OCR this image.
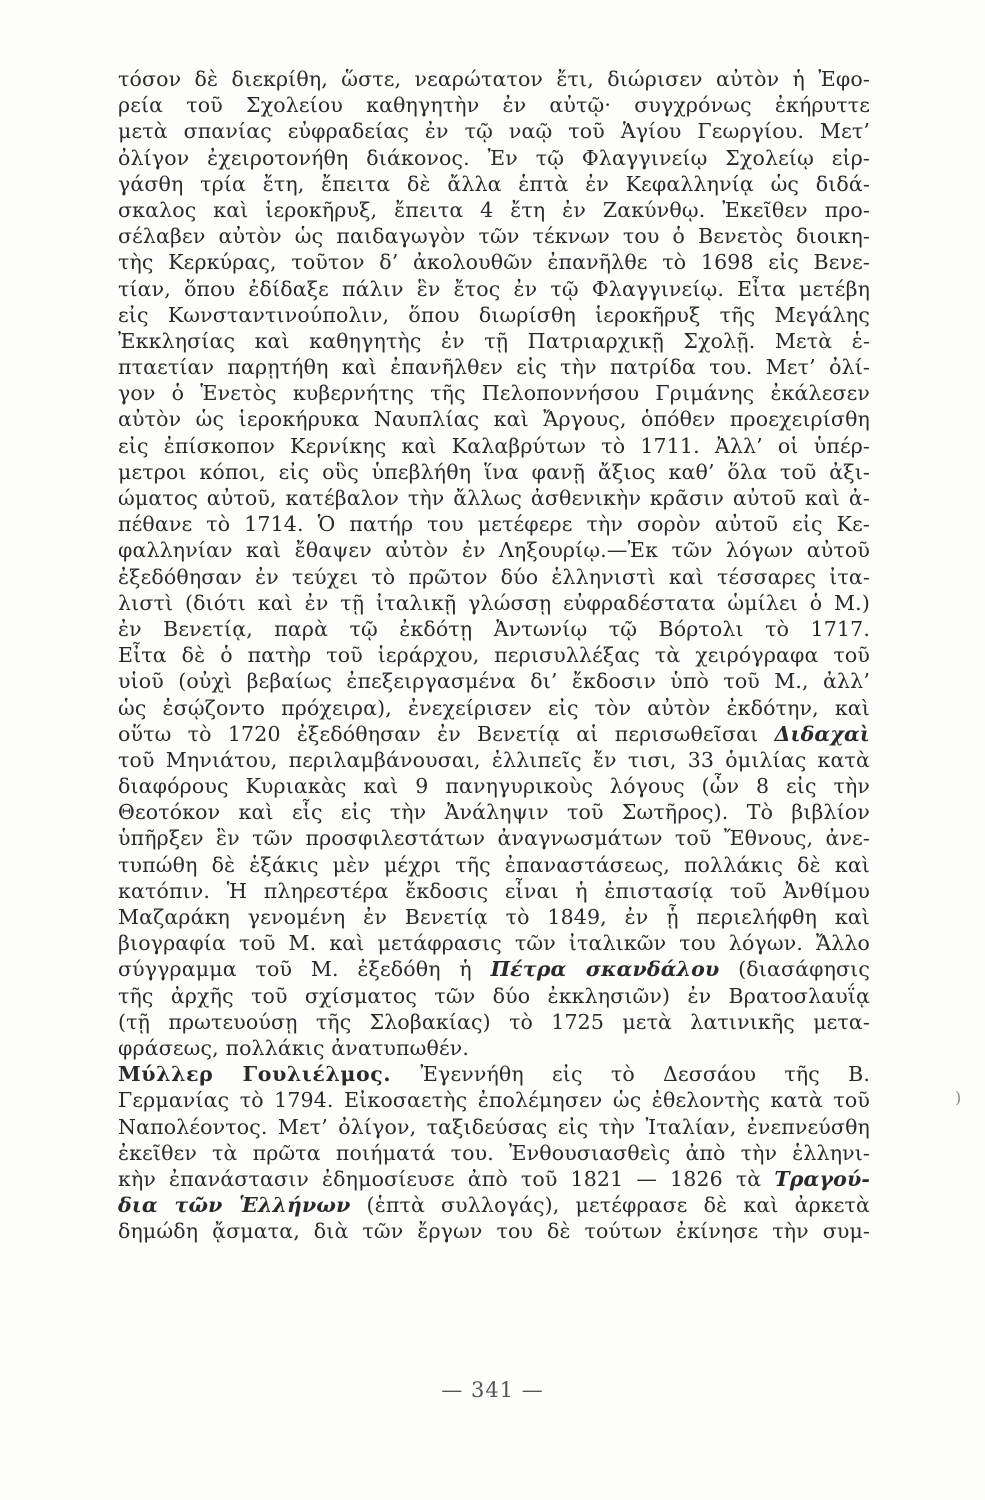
τόσον δὲ διεκρίθη, ὥστε, νεαρώτατον ἔτι, διώρισεν αὐτὸν ἡ Ἐφο-
ρεία τοῦ Σχολείου καθηγητὴν ἐν αὐτῷ· συγχρόνως ἐκήρυττε
μετὰ σπανίας εὐφραδείας ἐν τῷ ναῷ τοῦ Ἁγίου Γεωργίου. Μετ’
ὀλίγον ἐχειροτονήθη διάκονος. Ἐν τῷ Φλαγγινείῳ Σχολείῳ εἰρ-
γάσθη τρία ἔτη, ἔπειτα δὲ ἄλλα ἑπτὰ ἐν Κεφαλληνίᾳ ὡς διδά-
σκαλος καὶ ἱεροκῆρυξ, ἔπειτα 4 ἔτη ἐν Ζακύνθῳ. Ἐκεῖθεν προ-
σέλαβεν αὐτὸν ὡς παιδαγωγὸν τῶν τέκνων του ὁ Βενετὸς διοικη-
τὴς Κερκύρας, τοῦτον δ’ ἀκολουθῶν ἐπανῆλθε τὸ 1698 εἰς Βενε-
τίαν, ὅπου ἐδίδαξε πάλιν ἓν ἔτος ἐν τῷ Φλαγγινείῳ. Εἶτα μετέβη
εἰς Κωνσταντινούπολιν, ὅπου διωρίσθη ἱεροκῆρυξ τῆς Μεγάλης
Ἐκκλησίας καὶ καθηγητὴς ἐν τῇ Πατριαρχικῇ Σχολῇ. Μετὰ ἑ-
πταετίαν παρῃτήθη καὶ ἐπανῆλθεν εἰς τὴν πατρίδα του. Μετ’ ὀλί-
γον ὁ Ἑνετὸς κυβερνήτης τῆς Πελοποννήσου Γριμάνης ἐκάλεσεν
αὐτὸν ὡς ἱεροκήρυκα Ναυπλίας καὶ Ἄργους, ὁπόθεν προεχειρίσθη
εἰς ἐπίσκοπον Κερνίκης καὶ Καλαβρύτων τὸ 1711. Ἀλλ’ οἱ ὑπέρ-
μετροι κόποι, εἰς οὓς ὑπεβλήθη ἵνα φανῇ ἄξιος καθ’ ὅλα τοῦ ἀξι-
ώματος αὐτοῦ, κατέβαλον τὴν ἄλλως ἀσθενικὴν κρᾶσιν αὐτοῦ καὶ ἀ-
πέθανε τὸ 1714. Ὁ πατήρ του μετέφερε τὴν σορὸν αὐτοῦ εἰς Κε-
φαλληνίαν καὶ ἔθαψεν αὐτὸν ἐν Ληξουρίῳ.—Ἐκ τῶν λόγων αὐτοῦ
ἐξεδόθησαν ἐν τεύχει τὸ πρῶτον δύο ἑλληνιστὶ καὶ τέσσαρες ἰτα-
λιστὶ (διότι καὶ ἐν τῇ ἰταλικῇ γλώσσῃ εὐφραδέστατα ὡμίλει ὁ Μ.)
ἐν Βενετίᾳ, παρὰ τῷ ἐκδότῃ Ἀντωνίῳ τῷ Βόρτολι τὸ 1717.
Εἶτα δὲ ὁ πατὴρ τοῦ ἱεράρχου, περισυλλέξας τὰ χειρόγραφα τοῦ
υἱοῦ (οὐχὶ βεβαίως ἐπεξειργασμένα δι’ ἔκδοσιν ὑπὸ τοῦ Μ., ἀλλ’
ὡς ἐσῴζοντο πρόχειρα), ἐνεχείρισεν εἰς τὸν αὐτὸν ἐκδότην, καὶ
οὕτω τὸ 1720 ἐξεδόθησαν ἐν Βενετίᾳ αἱ περισωθεῖσαι Διδαχαὶ
τοῦ Μηνιάτου, περιλαμβάνουσαι, ἐλλιπεῖς ἔν τισι, 33 ὁμιλίας κατὰ
διαφόρους Κυριακὰς καὶ 9 πανηγυρικοὺς λόγους (ὧν 8 εἰς τὴν
Θεοτόκον καὶ εἷς εἰς τὴν Ἀνάληψιν τοῦ Σωτῆρος). Τὸ βιβλίον
ὑπῆρξεν ἓν τῶν προσφιλεστάτων ἀναγνωσμάτων τοῦ Ἔθνους, ἀνε-
τυπώθη δὲ ἑξάκις μὲν μέχρι τῆς ἐπαναστάσεως, πολλάκις δὲ καὶ
κατόπιν. Ἡ πληρεστέρα ἔκδοσις εἶναι ἡ ἐπιστασίᾳ τοῦ Ἀνθίμου
Μαζαράκη γενομένη ἐν Βενετίᾳ τὸ 1849, ἐν ᾗ περιελήφθη καὶ
βιογραφία τοῦ Μ. καὶ μετάφρασις τῶν ἰταλικῶν του λόγων. Ἄλλο
σύγγραμμα τοῦ Μ. ἐξεδόθη ἡ Πέτρα σκανδάλου (διασάφησις
τῆς ἀρχῆς τοῦ σχίσματος τῶν δύο ἐκκλησιῶν) ἐν Βρατοσλαυΐᾳ
(τῇ πρωτευούσῃ τῆς Σλοβακίας) τὸ 1725 μετὰ λατινικῆς μετα-
φράσεως, πολλάκις ἀνατυπωθέν.
Μύλλερ Γουλιέλμος. Ἐγεννήθη εἰς τὸ Δεσσάου τῆς Β.
Γερμανίας τὸ 1794. Εἰκοσαετὴς ἐπολέμησεν ὡς ἐθελοντὴς κατὰ τοῦ
Ναπολέοντος. Μετ’ ὀλίγον, ταξιδεύσας εἰς τὴν Ἰταλίαν, ἐνεπνεύσθη
ἐκεῖθεν τὰ πρῶτα ποιήματά του. Ἐνθουσιασθεὶς ἀπὸ τὴν ἑλληνι-
κὴν ἐπανάστασιν ἐδημοσίευσε ἀπὸ τοῦ 1821 — 1826 τὰ Τραγού-
δια τῶν Ἑλλήνων (ἑπτὰ συλλογάς), μετέφρασε δὲ καὶ ἀρκετὰ
δημώδη ᾄσματα, διὰ τῶν ἔργων του δὲ τούτων ἐκίνησε τὴν συμ-
)
— 341 —
